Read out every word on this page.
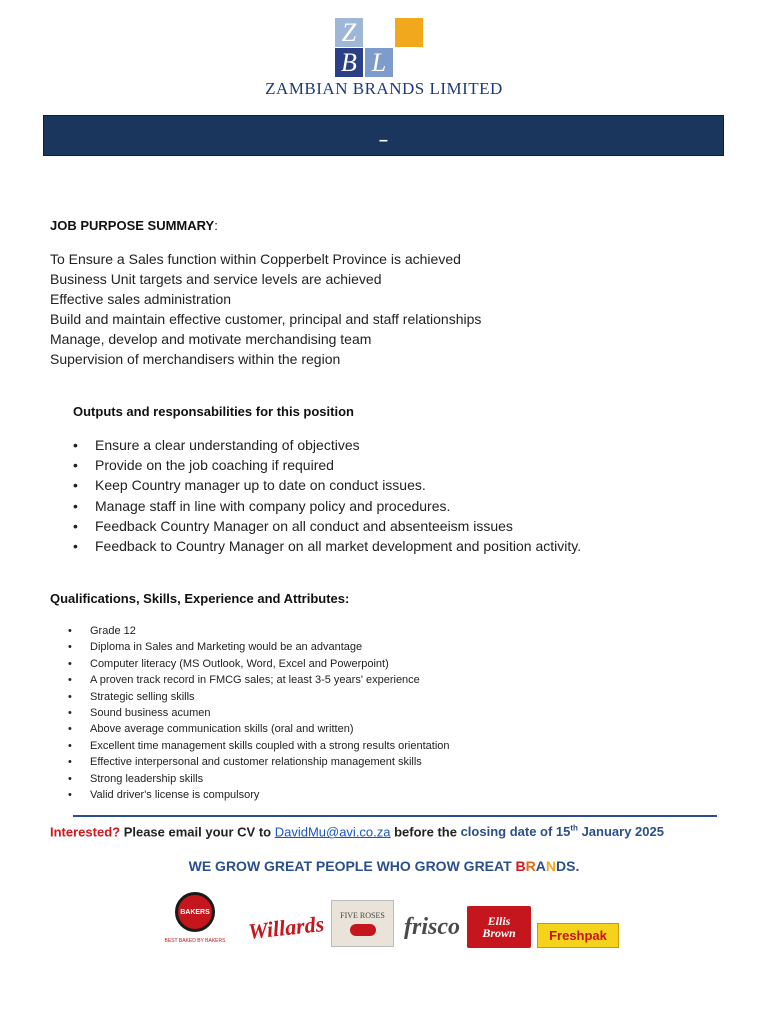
Z
B L
ZAMBIAN BRANDS LIMITED
–
JOB PURPOSE SUMMARY:
To Ensure a Sales function within Copperbelt Province is achieved
Business Unit targets and service levels are achieved
Effective sales administration
Build and maintain effective customer, principal and staff relationships
Manage, develop and motivate merchandising team
Supervision of merchandisers within the region
Outputs and responsabilities for this position
• Ensure a clear understanding of objectives
• Provide on the job coaching if required
• Keep Country manager up to date on conduct issues.
• Manage staff in line with company policy and procedures.
• Feedback Country Manager on all conduct and absenteeism issues
• Feedback to Country Manager on all market development and position activity.
Qualifications, Skills, Experience and Attributes:
• Grade 12
• Diploma in Sales and Marketing would be an advantage
• Computer literacy (MS Outlook, Word, Excel and Powerpoint)
• A proven track record in FMCG sales; at least 3-5 years' experience
• Strategic selling skills
• Sound business acumen
• Above average communication skills (oral and written)
• Excellent time management skills coupled with a strong results orientation
• Effective interpersonal and customer relationship management skills
• Strong leadership skills
• Valid driver's license is compulsory
Interested? Please email your CV to DavidMu@avi.co.za before the closing date of 15th January 2025
WE GROW GREAT PEOPLE WHO GROW GREAT BRANDS.
BAKERS
BEST BAKED BY BAKERS Willards FIVE ROSES frisco	Ellis Brown	Freshpak
